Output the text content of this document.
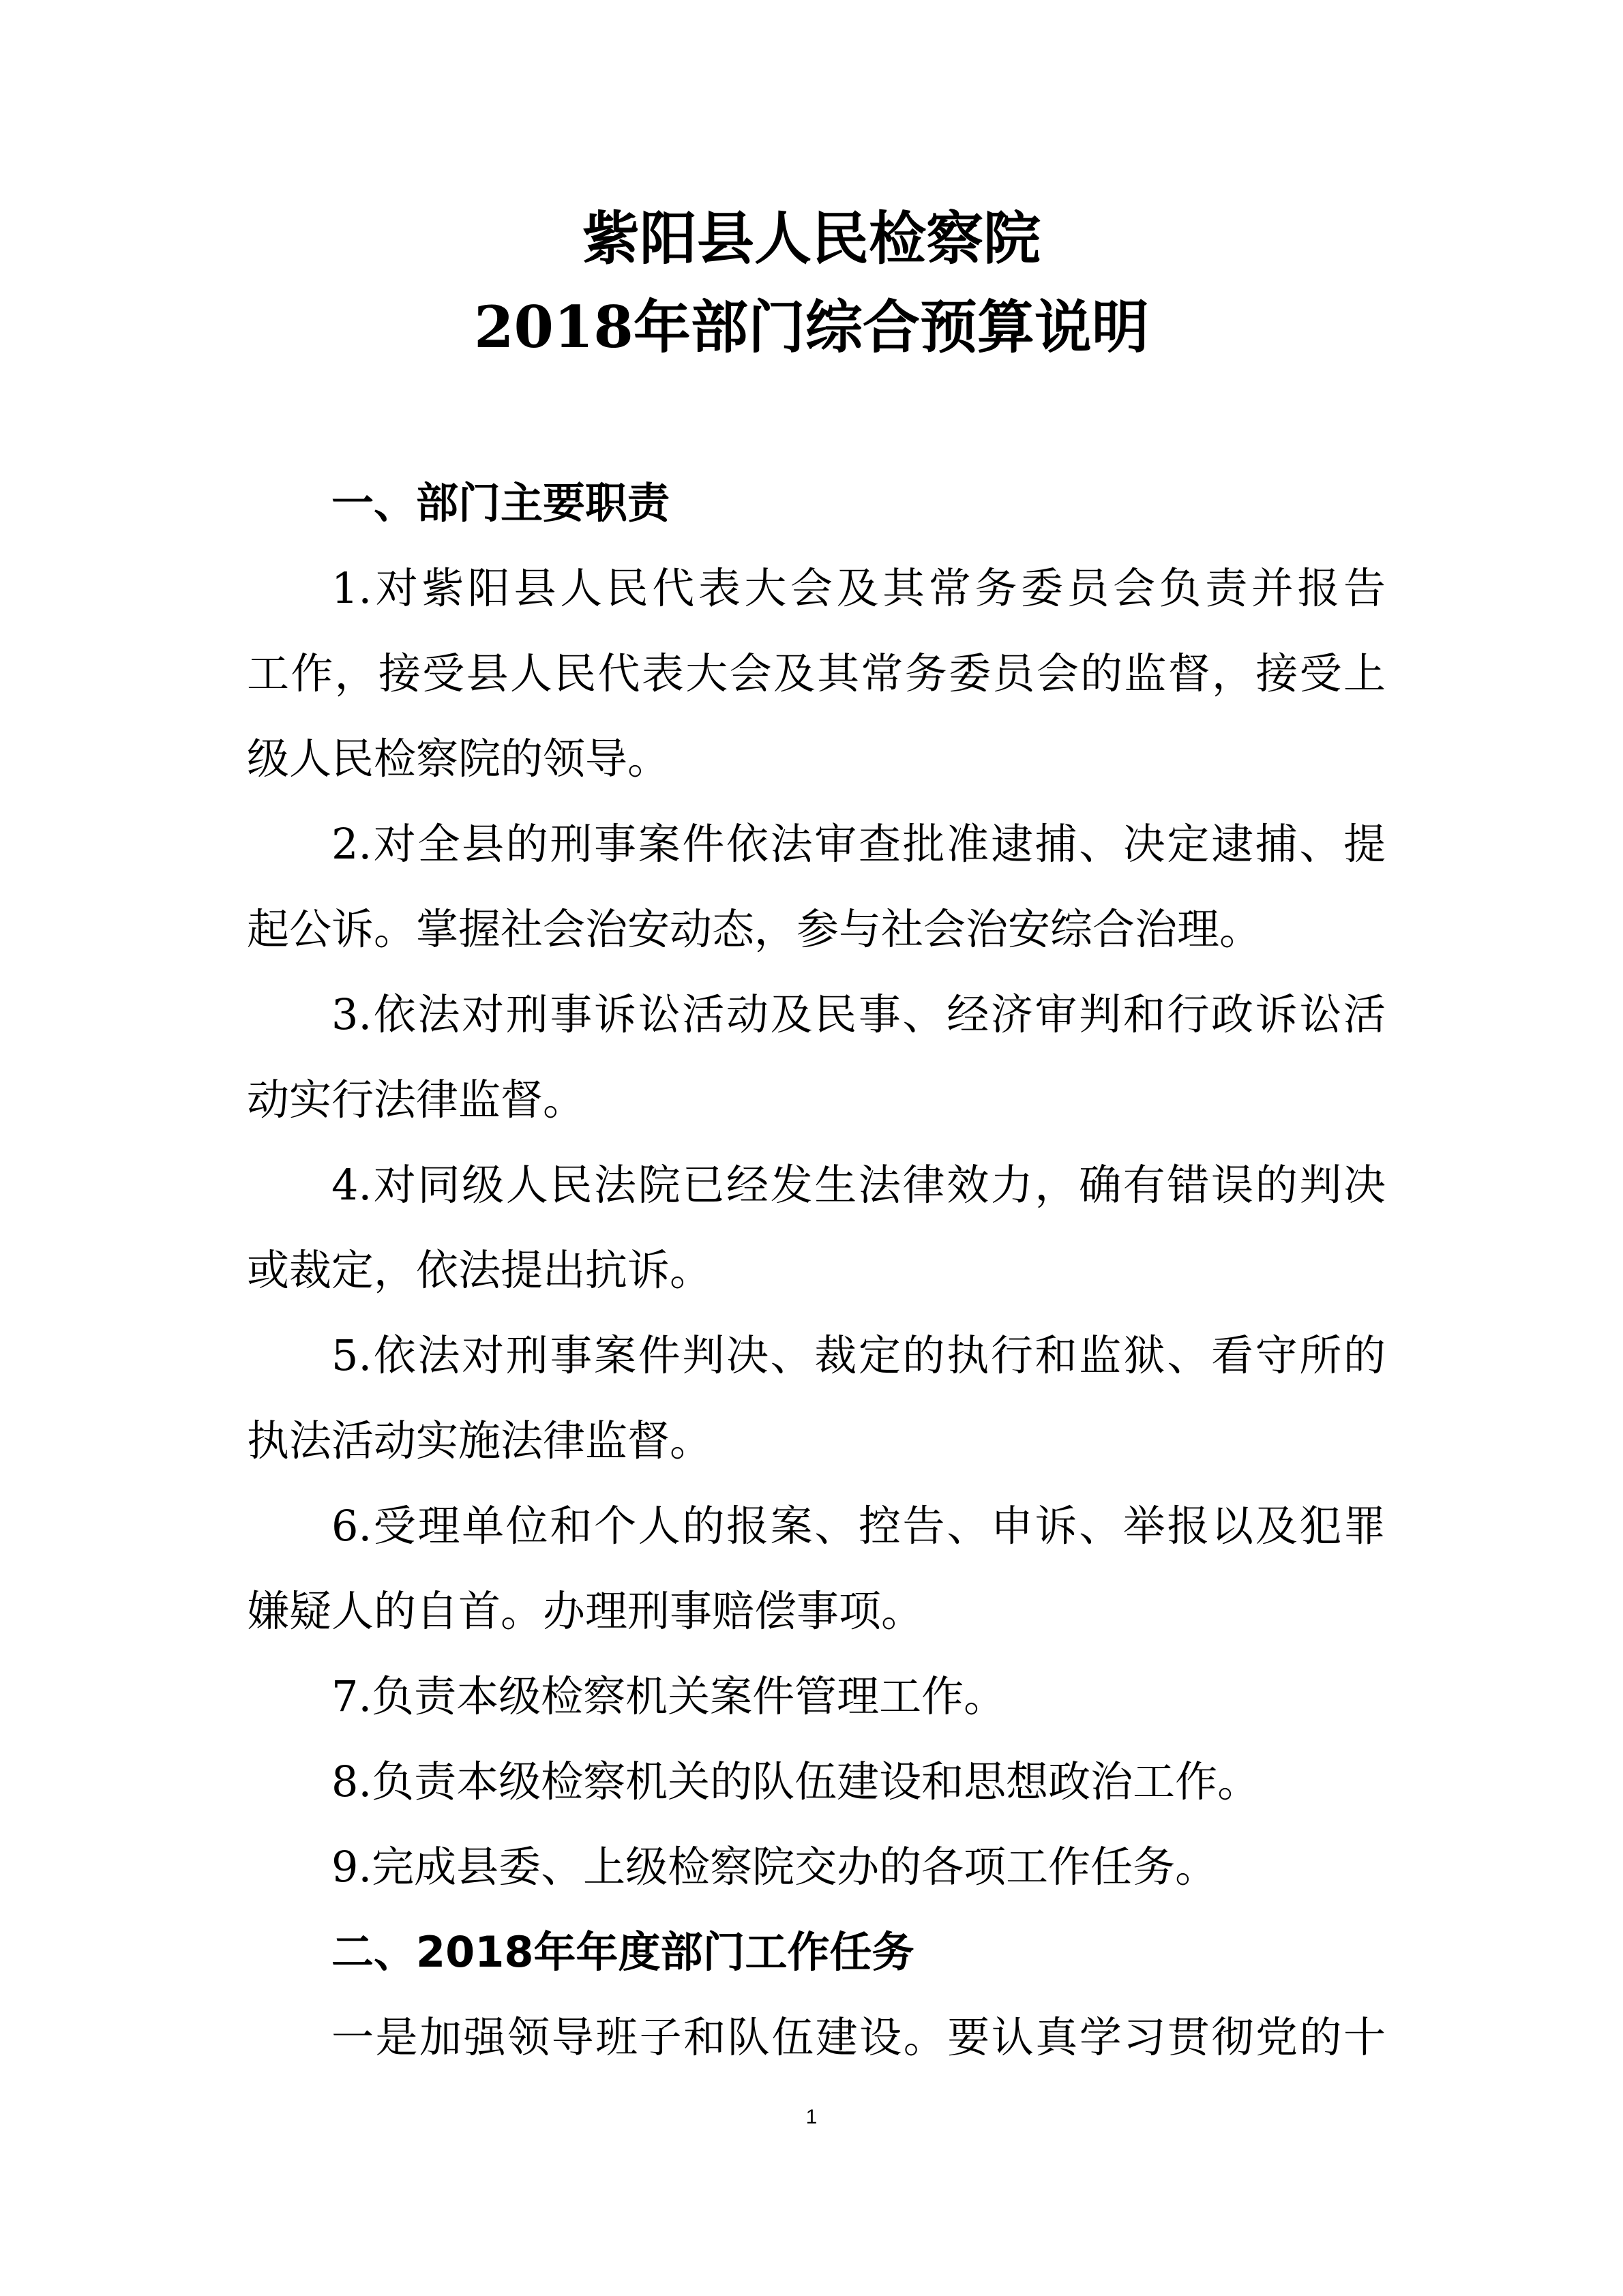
紫阳县人民检察院
2018年部门综合预算说明
一、部门主要职责
1.对紫阳县人民代表大会及其常务委员会负责并报告
工作，接受县人民代表大会及其常务委员会的监督，接受上
级人民检察院的领导。
2.对全县的刑事案件依法审查批准逮捕、决定逮捕、提
起公诉。掌握社会治安动态，参与社会治安综合治理。
3.依法对刑事诉讼活动及民事、经济审判和行政诉讼活
动实行法律监督。
4.对同级人民法院已经发生法律效力，确有错误的判决
或裁定，依法提出抗诉。
5.依法对刑事案件判决、裁定的执行和监狱、看守所的
执法活动实施法律监督。
6.受理单位和个人的报案、控告、申诉、举报以及犯罪
嫌疑人的自首。办理刑事赔偿事项。
7.负责本级检察机关案件管理工作。
8.负责本级检察机关的队伍建设和思想政治工作。
9.完成县委、上级检察院交办的各项工作任务。
二、2018年年度部门工作任务
一是加强领导班子和队伍建设。要认真学习贯彻党的十
1
